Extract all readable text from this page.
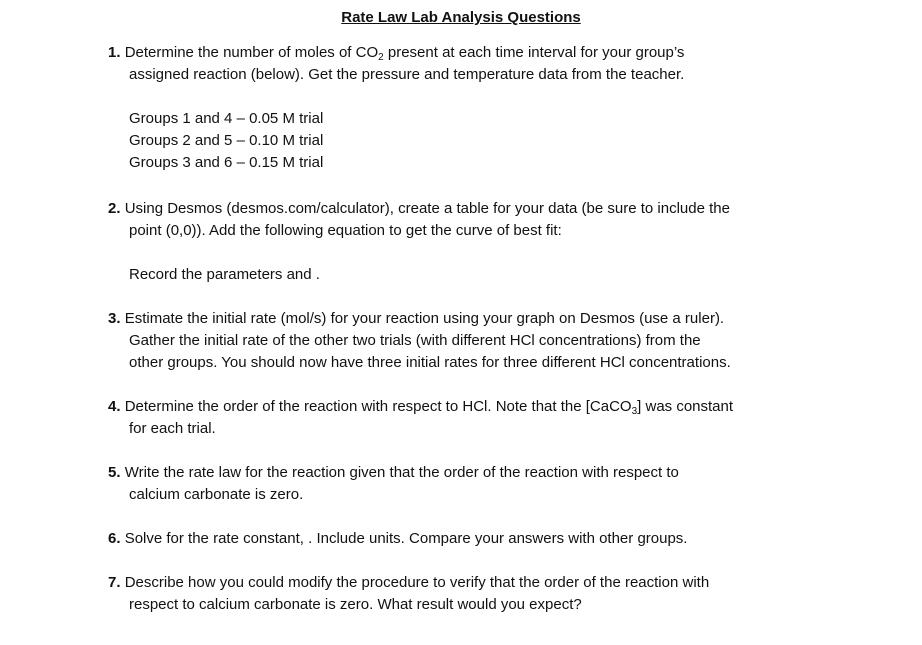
Rate Law Lab Analysis Questions
1. Determine the number of moles of $CO_2$ present at each time interval for your group’s
assigned reaction (below). Get the pressure and temperature data from the teacher.
Groups 1 and 4 – 0.05 M trial
Groups 2 and 5 – 0.10 M trial
Groups 3 and 6 – 0.15 M trial
2. Using Desmos (desmos.com/calculator), create a table for your data (be sure to include the
point (0,0)). Add the following equation to get the curve of best fit:
Record the parameters and .
3. Estimate the initial rate (mol/s) for your reaction using your graph on Desmos (use a ruler).
Gather the initial rate of the other two trials (with different HCl concentrations) from the
other groups. You should now have three initial rates for three different HCl concentrations.
4. Determine the order of the reaction with respect to HCl. Note that the [CaCO$_3$] was constant
for each trial.
5. Write the rate law for the reaction given that the order of the reaction with respect to
calcium carbonate is zero.
6. Solve for the rate constant, . Include units. Compare your answers with other groups.
7. Describe how you could modify the procedure to verify that the order of the reaction with
respect to calcium carbonate is zero. What result would you expect?
